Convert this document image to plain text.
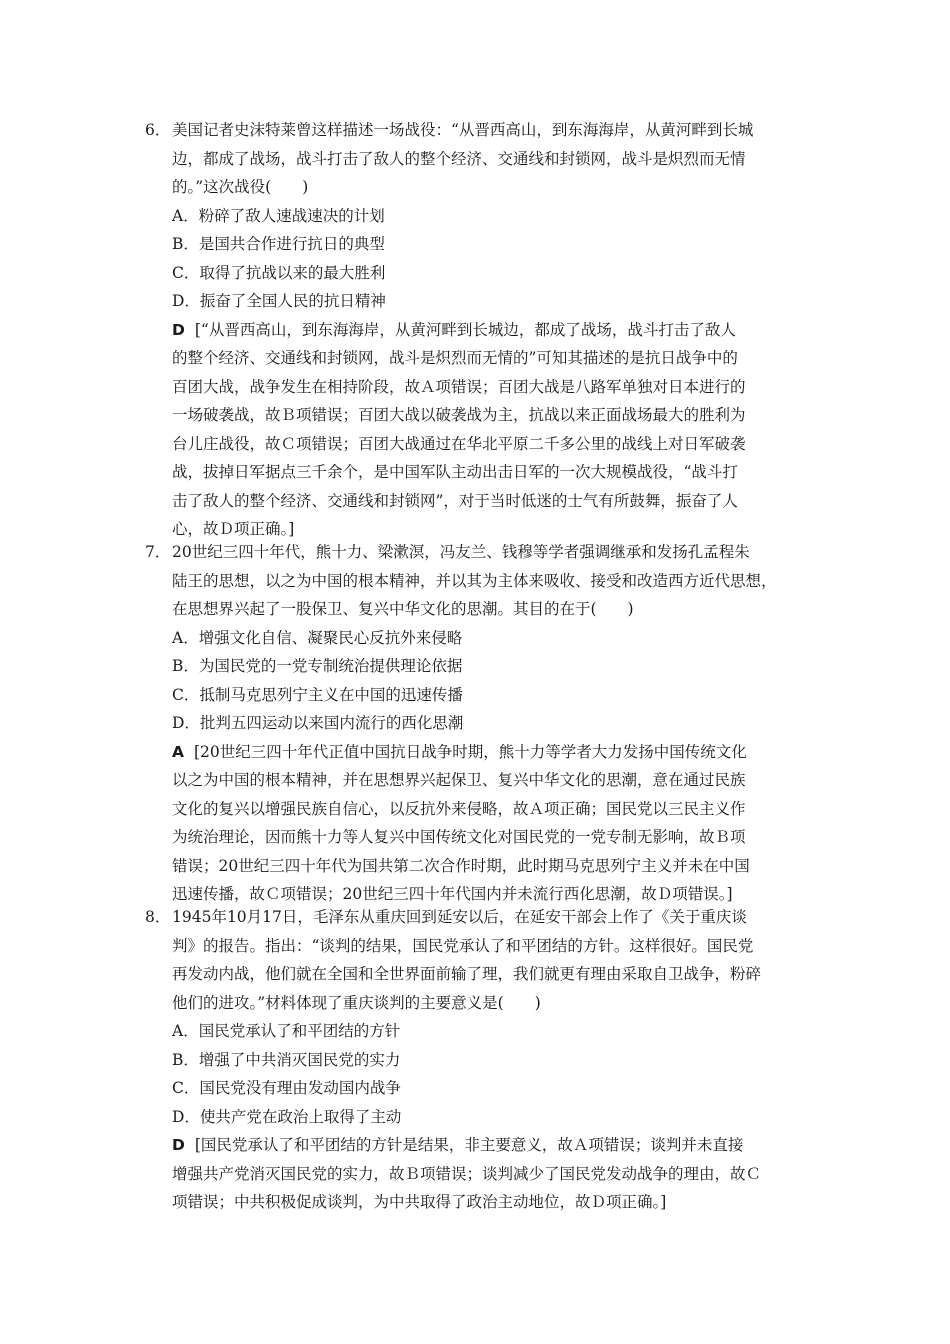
6． 美国记者史沫特莱曾这样描述一场战役：“从晋西高山，到东海海岸，从黄河畔到长城
边，都成了战场，战斗打击了敌人的整个经济、交通线和封锁网，战斗是炽烈而无情
的。”这次战役(　　)
A．粉碎了敌人速战速决的计划
B．是国共合作进行抗日的典型
C．取得了抗战以来的最大胜利
D．振奋了全国人民的抗日精神
D [“从晋西高山，到东海海岸，从黄河畔到长城边，都成了战场，战斗打击了敌人
的整个经济、交通线和封锁网，战斗是炽烈而无情的”可知其描述的是抗日战争中的
百团大战，战争发生在相持阶段，故Ａ项错误；百团大战是八路军单独对日本进行的
一场破袭战，故Ｂ项错误；百团大战以破袭战为主，抗战以来正面战场最大的胜利为
台儿庄战役，故Ｃ项错误；百团大战通过在华北平原二千多公里的战线上对日军破袭
战，拔掉日军据点三千余个，是中国军队主动出击日军的一次大规模战役，“战斗打
击了敌人的整个经济、交通线和封锁网”，对于当时低迷的士气有所鼓舞，振奋了人
心，故Ｄ项正确。]
7． 20世纪三四十年代，熊十力、梁漱溟，冯友兰、钱穆等学者强调继承和发扬孔孟程朱
陆王的思想，以之为中国的根本精神，并以其为主体来吸收、接受和改造西方近代思想，
在思想界兴起了一股保卫、复兴中华文化的思潮。其目的在于(　　)
A．增强文化自信、凝聚民心反抗外来侵略
B．为国民党的一党专制统治提供理论依据
C．抵制马克思列宁主义在中国的迅速传播
D．批判五四运动以来国内流行的西化思潮
A [20世纪三四十年代正值中国抗日战争时期，熊十力等学者大力发扬中国传统文化
以之为中国的根本精神，并在思想界兴起保卫、复兴中华文化的思潮，意在通过民族
文化的复兴以增强民族自信心，以反抗外来侵略，故Ａ项正确；国民党以三民主义作
为统治理论，因而熊十力等人复兴中国传统文化对国民党的一党专制无影响，故Ｂ项
错误；20世纪三四十年代为国共第二次合作时期，此时期马克思列宁主义并未在中国
迅速传播，故Ｃ项错误；20世纪三四十年代国内并未流行西化思潮，故Ｄ项错误。]
8． 1945年10月17日，毛泽东从重庆回到延安以后，在延安干部会上作了《关于重庆谈
判》的报告。指出：“谈判的结果，国民党承认了和平团结的方针。这样很好。国民党
再发动内战，他们就在全国和全世界面前输了理，我们就更有理由采取自卫战争，粉碎
他们的进攻。”材料体现了重庆谈判的主要意义是(　　)
A．国民党承认了和平团结的方针
B．增强了中共消灭国民党的实力
C．国民党没有理由发动国内战争
D．使共产党在政治上取得了主动
D [国民党承认了和平团结的方针是结果，非主要意义，故Ａ项错误；谈判并未直接
增强共产党消灭国民党的实力，故Ｂ项错误；谈判减少了国民党发动战争的理由，故Ｃ
项错误；中共积极促成谈判，为中共取得了政治主动地位，故Ｄ项正确。]
